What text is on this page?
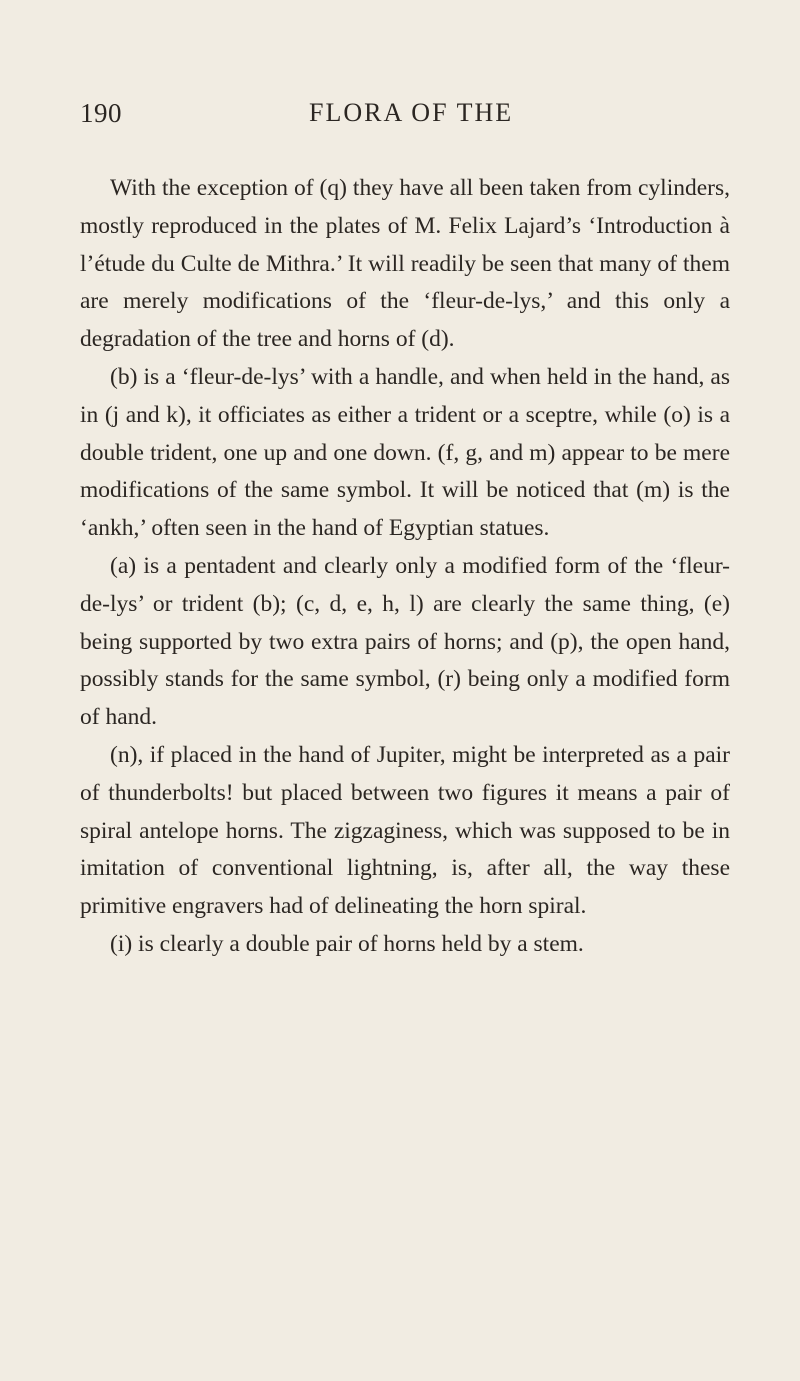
190	FLORA OF THE

With the exception of (q) they have all been taken from cylinders, mostly reproduced in the plates of M. Felix Lajard’s ‘Introduction à l’étude du Culte de Mithra.’ It will readily be seen that many of them are merely modifications of the ‘fleur-de-lys,’ and this only a degradation of the tree and horns of (d).

(b) is a ‘fleur-de-lys’ with a handle, and when held in the hand, as in (j and k), it officiates as either a trident or a sceptre, while (o) is a double trident, one up and one down. (f, g, and m) appear to be mere modifications of the same symbol. It will be noticed that (m) is the ‘ankh,’ often seen in the hand of Egyptian statues.

(a) is a pentadent and clearly only a modified form of the ‘fleur-de-lys’ or trident (b); (c, d, e, h, l) are clearly the same thing, (e) being supported by two extra pairs of horns; and (p), the open hand, possibly stands for the same symbol, (r) being only a modified form of hand.

(n), if placed in the hand of Jupiter, might be interpreted as a pair of thunderbolts! but placed between two figures it means a pair of spiral antelope horns. The zigzaginess, which was supposed to be in imitation of conventional lightning, is, after all, the way these primitive engravers had of delineating the horn spiral.

(i) is clearly a double pair of horns held by a stem.
